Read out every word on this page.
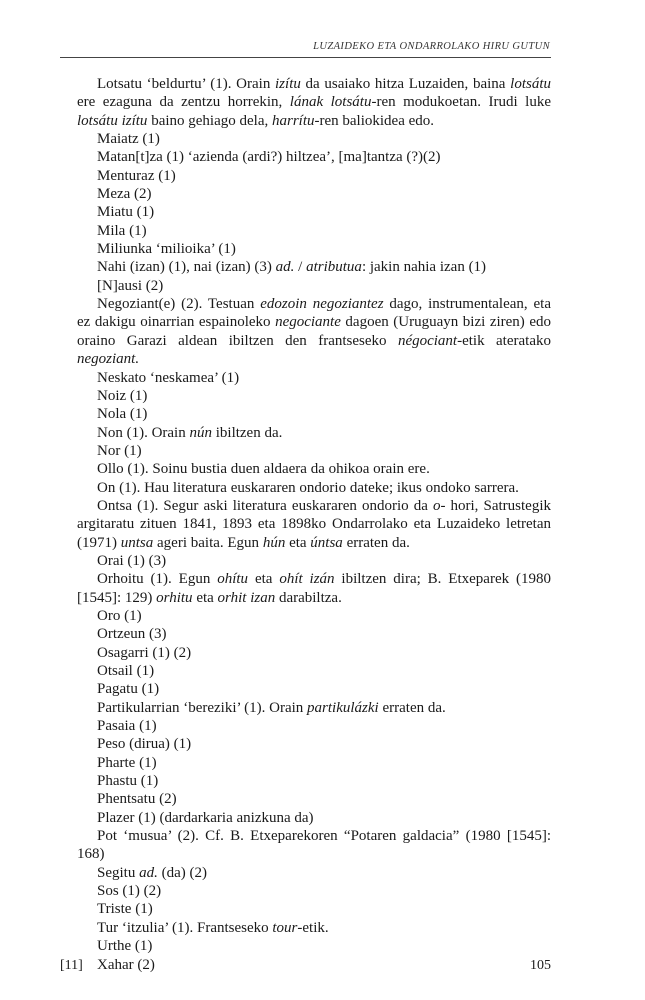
LUZAIDEKO ETA ONDARROLAKO HIRU GUTUN

Lotsatu ‘beldurtu’ (1). Orain izítu da usaiako hitza Luzaiden, baina lotsátu ere ezaguna da zentzu horrekin, lának lotsátu-ren modukoetan. Irudi luke lotsátu izítu baino gehiago dela, harrítu-ren baliokidea edo.

Maiatz (1)

Matan[t]za (1) ‘azienda (ardi?) hiltzea’, [ma]tantza (?)(2)

Menturaz (1)

Meza (2)

Miatu (1)

Mila (1)

Miliunka ‘milioika’ (1)

Nahi (izan) (1), nai (izan) (3) ad. / atributua: jakin nahia izan (1)

[N]ausi (2)

Negoziant(e) (2). Testuan edozoin negoziantez dago, instrumentalean, eta ez dakigu oinarrian espainoleko negociante dagoen (Uruguayn bizi ziren) edo oraino Garazi aldean ibiltzen den frantseseko négociant-etik ateratako negoziant.

Neskato ‘neskamea’ (1)

Noiz (1)

Nola (1)

Non (1). Orain nún ibiltzen da.

Nor (1)

Ollo (1). Soinu bustia duen aldaera da ohikoa orain ere.

On (1). Hau literatura euskararen ondorio dateke; ikus ondoko sarrera.

Ontsa (1). Segur aski literatura euskararen ondorio da o- hori, Satrustegik argitaratu zituen 1841, 1893 eta 1898ko Ondarrolako eta Luzaideko letretan (1971) untsa ageri baita. Egun hún eta úntsa erraten da.

Orai (1) (3)

Orhoitu (1). Egun ohítu eta ohít izán ibiltzen dira; B. Etxeparek (1980 [1545]: 129) orhitu eta orhit izan darabiltza.

Oro (1)

Ortzeun (3)

Osagarri (1) (2)

Otsail (1)

Pagatu (1)

Partikularrian ‘bereziki’ (1). Orain partikulázki erraten da.

Pasaia (1)

Peso (dirua) (1)

Pharte (1)

Phastu (1)

Phentsatu (2)

Plazer (1) (dardarkaria anizkuna da)

Pot ‘musua’ (2). Cf. B. Etxeparekoren “Potaren galdacia” (1980 [1545]: 168)

Segitu ad. (da) (2)

Sos (1) (2)

Triste (1)

Tur ‘itzulia’ (1). Frantseseko tour-etik.

Urthe (1)

Xahar (2)

[11]	105
